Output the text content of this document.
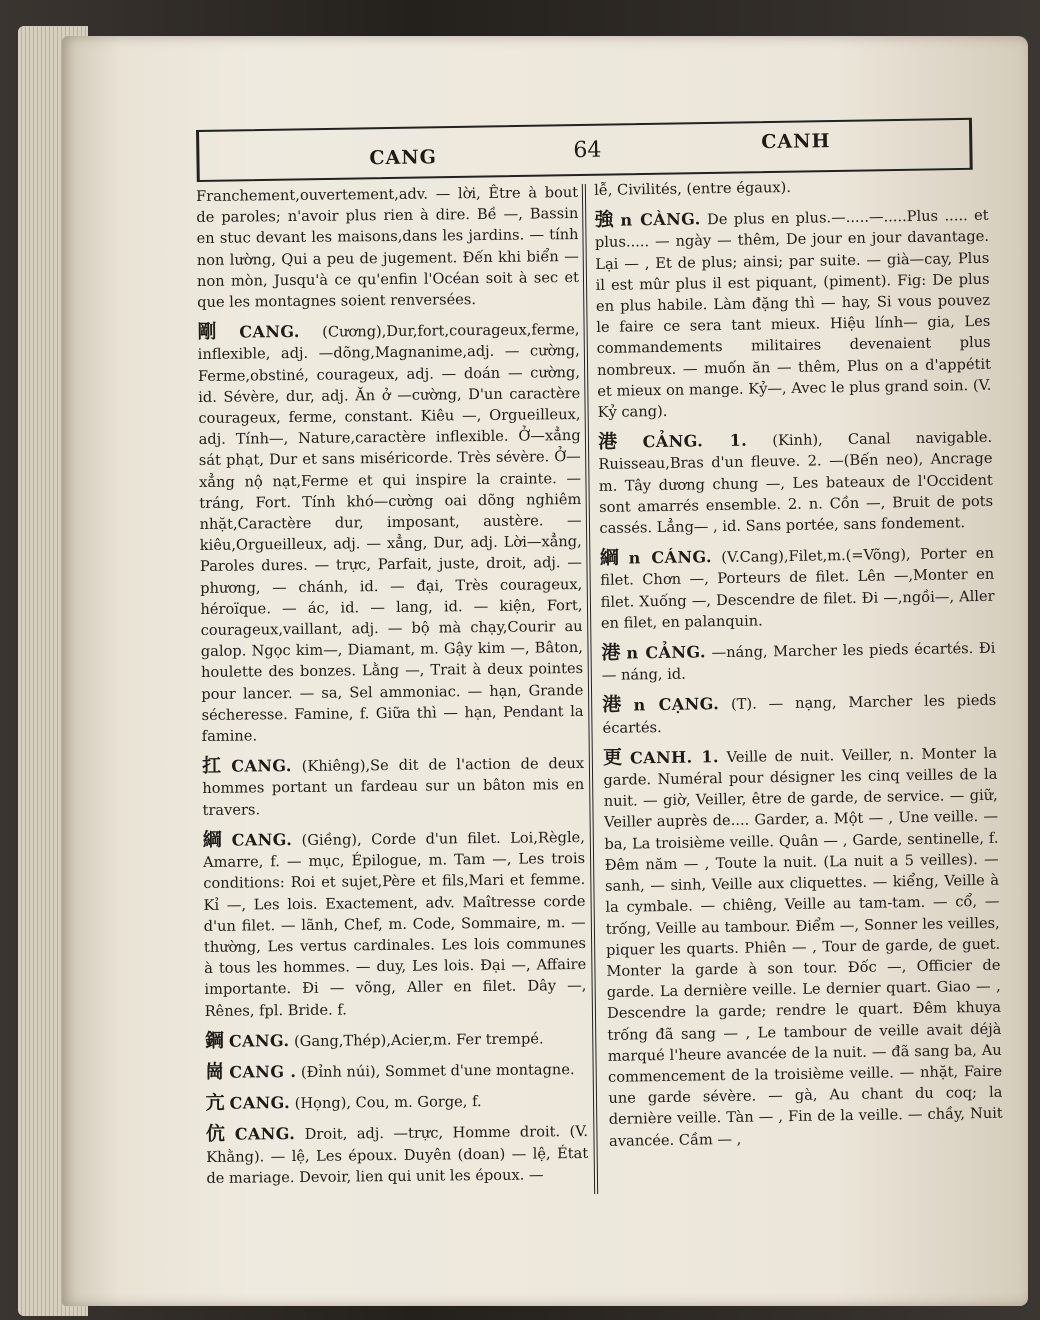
CANG	64	CANH

Franchement,ouvertement,adv. — lời, Être à bout de paroles; n'avoir plus rien à dire. Bề —, Bassin en stuc devant les maisons,dans les jardins. — tính non lường, Qui a peu de jugement. Đến khi biển —non mòn, Jusqu'à ce qu'enfin l'Océan soit à sec et que les montagnes soient renversées.

剛 CANG. (Cương),Dur,fort,courageux,ferme, inflexible, adj. —dõng,Magnanime,adj. — cường, Ferme,obstiné, courageux, adj. — doán — cường, id. Sévère, dur, adj. Ăn ở —cường, D'un caractère courageux, ferme, constant. Kiêu —, Orgueilleux, adj. Tính—, Nature,caractère inflexible. Ở—xẳng sát phạt, Dur et sans miséricorde. Très sévère. Ở—xẳng nộ nạt,Ferme et qui inspire la crainte. — tráng, Fort. Tính khó—cường oai dõng nghiêm nhặt,Caractère dur, imposant, austère. —kiêu,Orgueilleux, adj. — xẳng, Dur, adj. Lời—xẳng, Paroles dures. — trực, Parfait, juste, droit, adj. —phương, — chánh, id. — đại, Très courageux, héroïque. — ác, id. — lang, id. — kiện, Fort, courageux,vaillant, adj. — bộ mà chạy,Courir au galop. Ngọc kim—, Diamant, m. Gậy kim —, Bâton, houlette des bonzes. Lằng —, Trait à deux pointes pour lancer. — sa, Sel ammoniac. — hạn, Grande sécheresse. Famine, f. Giữa thì — hạn, Pendant la famine.

扛 CANG. (Khiêng),Se dit de l'action de deux hommes portant un fardeau sur un bâton mis en travers.

綱 CANG. (Giềng), Corde d'un filet. Loi,Règle, Amarre, f. — mục, Épilogue, m. Tam —, Les trois conditions: Roi et sujet,Père et fils,Mari et femme. Kỉ —, Les lois. Exactement, adv. Maîtresse corde d'un filet. — lãnh, Chef, m. Code, Sommaire, m. — thường, Les vertus cardinales. Les lois communes à tous les hommes. — duy, Les lois. Đại —, Affaire importante. Đi — võng, Aller en filet. Dây —, Rênes, fpl. Bride. f.

鋼 CANG. (Gang,Thép),Acier,m. Fer trempé.

崗 CANG . (Đỉnh núi), Sommet d'une montagne.

亢 CANG. (Họng), Cou, m. Gorge, f.

伉 CANG. Droit, adj. —trực, Homme droit. (V. Khằng). — lệ, Les époux. Duyên (doan) — lệ, État de mariage. Devoir, lien qui unit les époux. —

lễ, Civilités, (entre égaux).

強 n CÀNG. De plus en plus.—.....—.....Plus ..... et plus..... — ngày — thêm, De jour en jour davantage. Lại — , Et de plus; ainsi; par suite. — già—cay, Plus il est mûr plus il est piquant, (piment). Fig: De plus en plus habile. Làm đặng thì — hay, Si vous pouvez le faire ce sera tant mieux. Hiệu lính— gia, Les commandements militaires devenaient plus nombreux. — muốn ăn — thêm, Plus on a d'appétit et mieux on mange. Kỷ—, Avec le plus grand soin. (V. Kỷ cang).

港 CẢNG. 1. (Kinh), Canal navigable. Ruisseau,Bras d'un fleuve. 2. —(Bến neo), Ancrage m. Tây dương chung —, Les bateaux de l'Occident sont amarrés ensemble. 2. n. Cồn —, Bruit de pots cassés. Lẳng— , id. Sans portée, sans fondement.

綱 n CÁNG. (V.Cang),Filet,m.(=Võng), Porter en filet. Chơn —, Porteurs de filet. Lên —,Monter en filet. Xuống —, Descendre de filet. Đi —,ngồi—, Aller en filet, en palanquin.

港 n CẢNG. —náng, Marcher les pieds écartés. Đi — náng, id.

港 n CẠNG. (T). — nạng, Marcher les pieds écartés.

更 CANH. 1. Veille de nuit. Veiller, n. Monter la garde. Numéral pour désigner les cinq veilles de la nuit. — giờ, Veiller, être de garde, de service. — giữ, Veiller auprès de.... Garder, a. Một — , Une veille. — ba, La troisième veille. Quân — , Garde, sentinelle, f. Đêm năm — , Toute la nuit. (La nuit a 5 veilles). — sanh, — sinh, Veille aux cliquettes. — kiểng, Veille à la cymbale. — chiêng, Veille au tam-tam. — cổ, — trống, Veille au tambour. Điểm —, Sonner les veilles, piquer les quarts. Phiên — , Tour de garde, de guet. Monter la garde à son tour. Đốc —, Officier de garde. La dernière veille. Le dernier quart. Giao — , Descendre la garde; rendre le quart. Đêm khuya trống đã sang — , Le tambour de veille avait déjà marqué l'heure avancée de la nuit. — đã sang ba, Au commencement de la troisième veille. — nhặt, Faire une garde sévère. — gà, Au chant du coq; la dernière veille. Tàn — , Fin de la veille. — chầy, Nuit avancée. Cầm — ,
